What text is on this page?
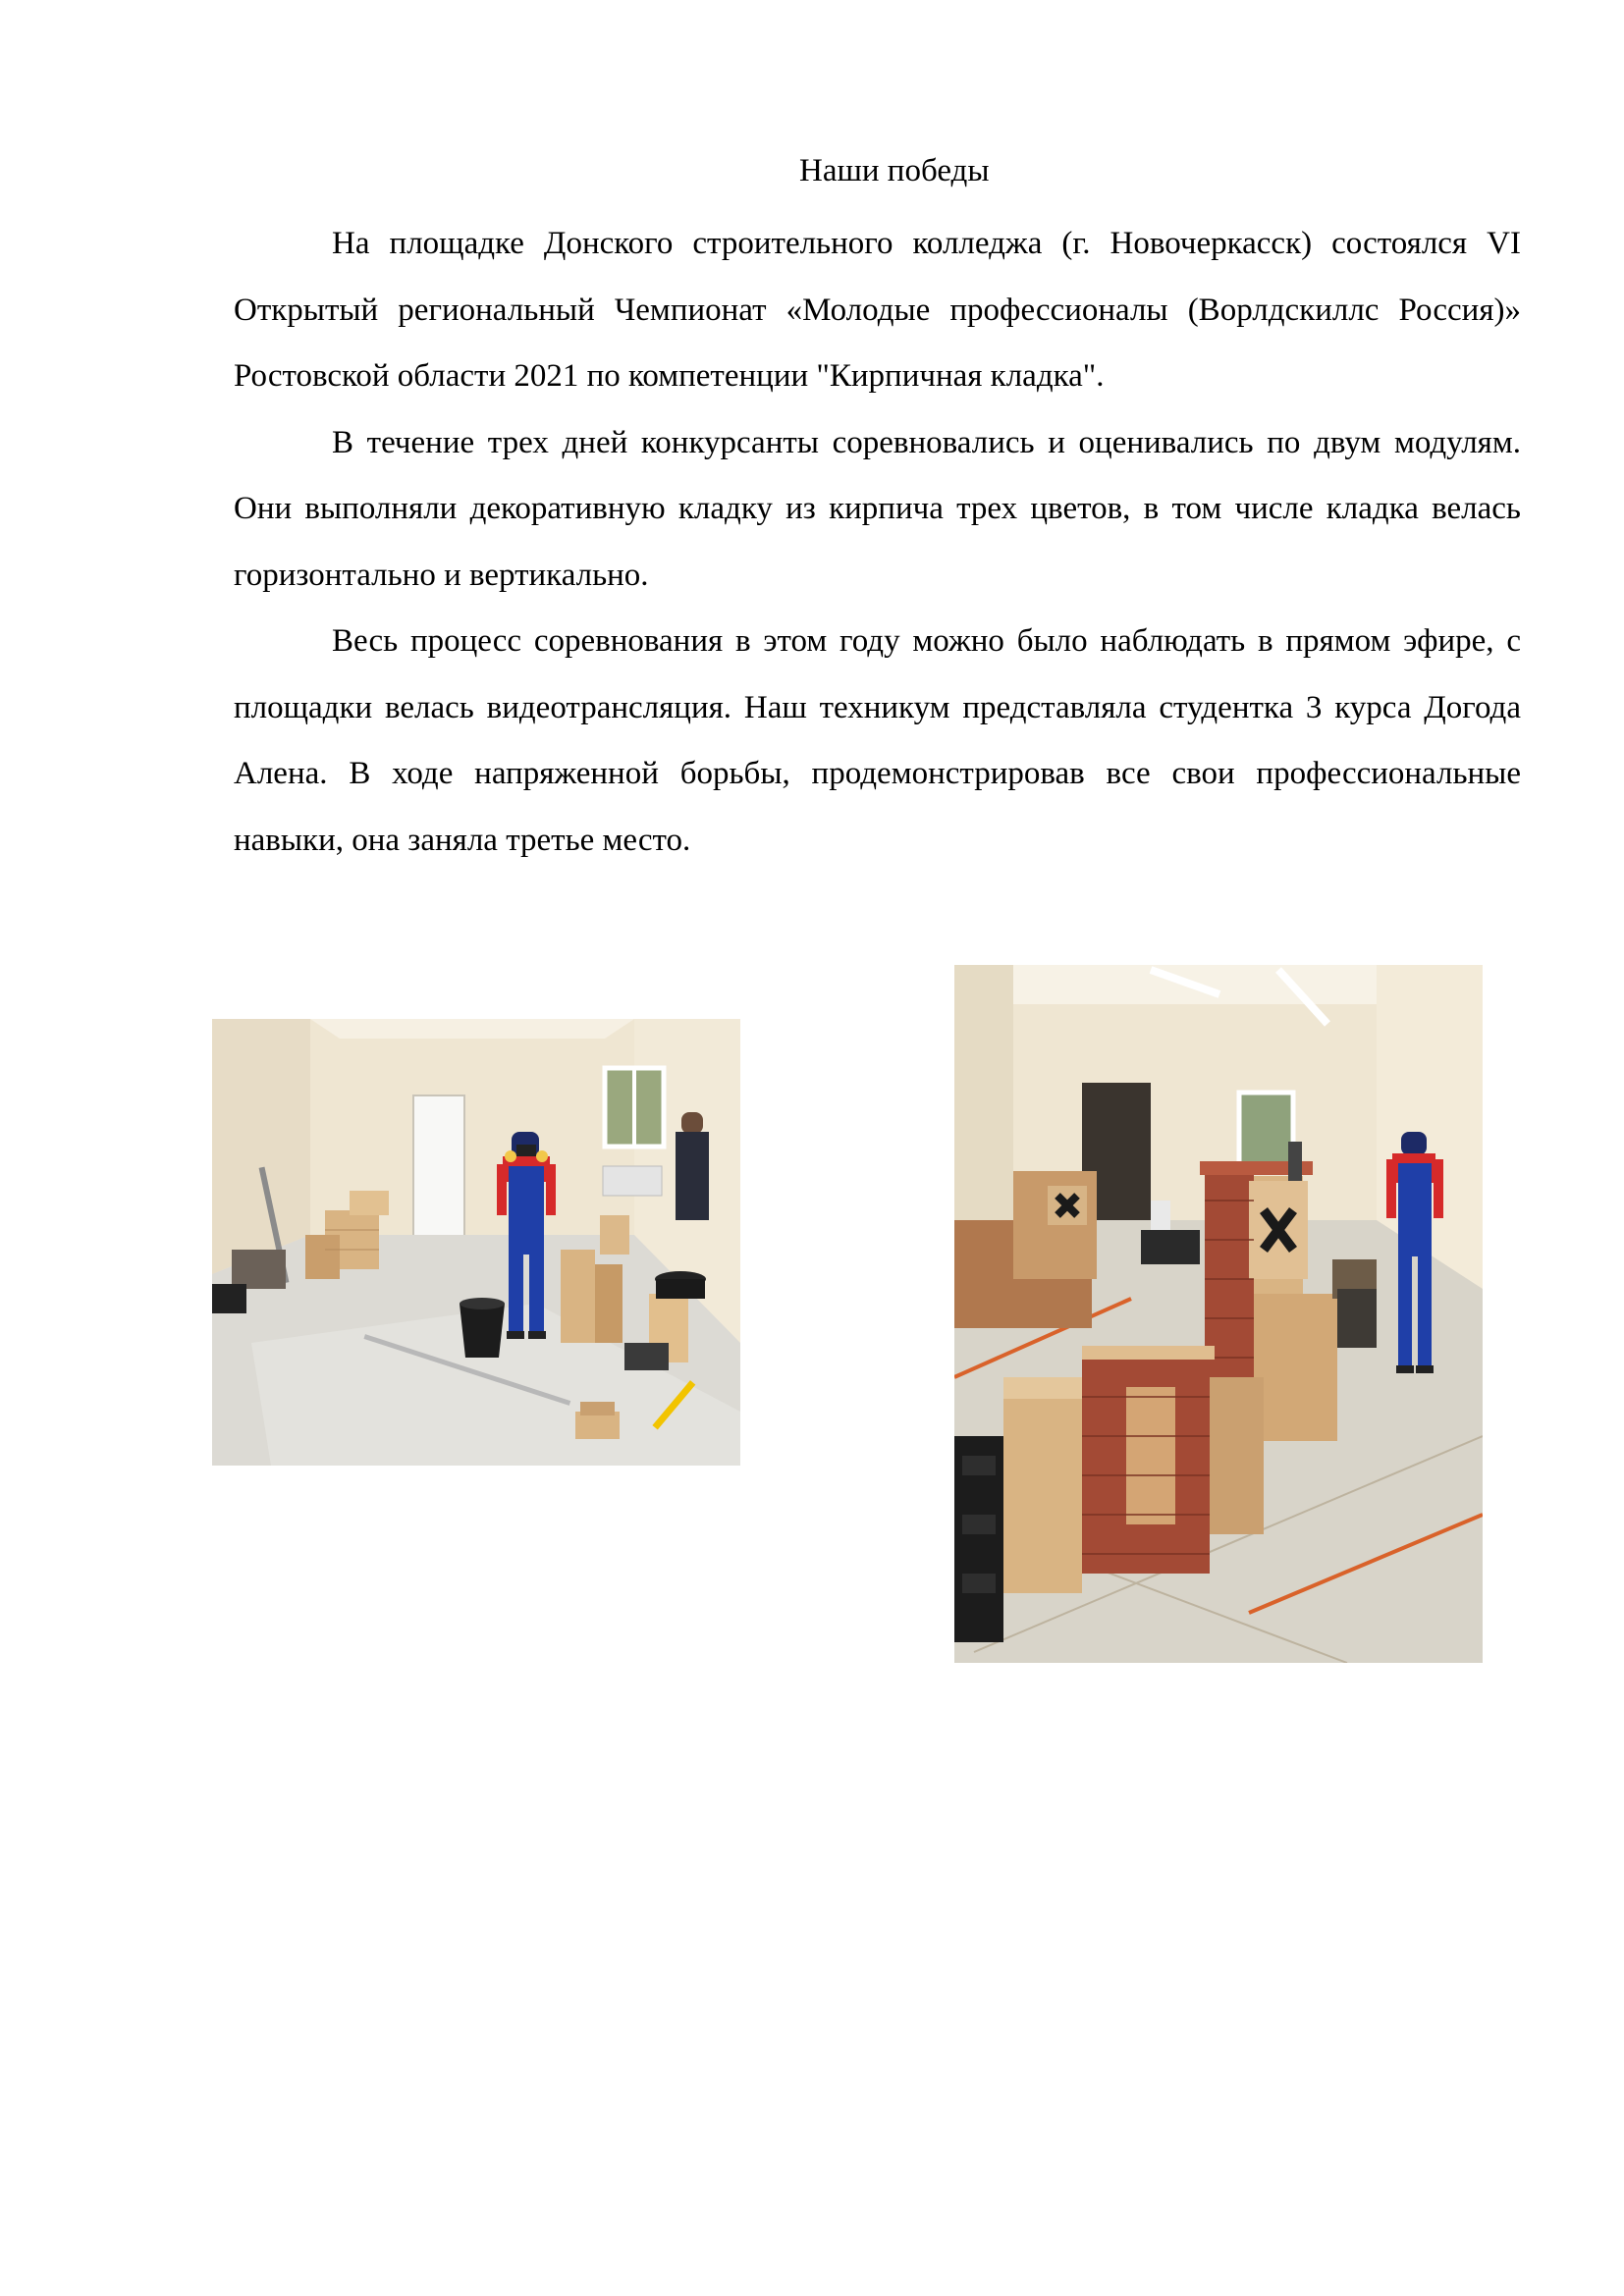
Наши победы

На площадке Донского строительного колледжа (г. Новочеркасск) состоялся VI Открытый региональный Чемпионат «Молодые профессионалы (Ворлдскиллс Россия)» Ростовской области 2021 по компетенции "Кирпичная кладка".

В течение трех дней конкурсанты соревновались и оценивались по двум модулям. Они выполняли декоративную кладку из кирпича трех цветов, в том числе кладка велась горизонтально и вертикально.

Весь процесс соревнования в этом году можно было наблюдать в прямом эфире, с площадки велась видеотрансляция. Наш техникум представляла студентка 3 курса Догода Алена. В ходе напряженной борьбы, продемонстрировав все свои профессиональные навыки, она заняла третье место.
